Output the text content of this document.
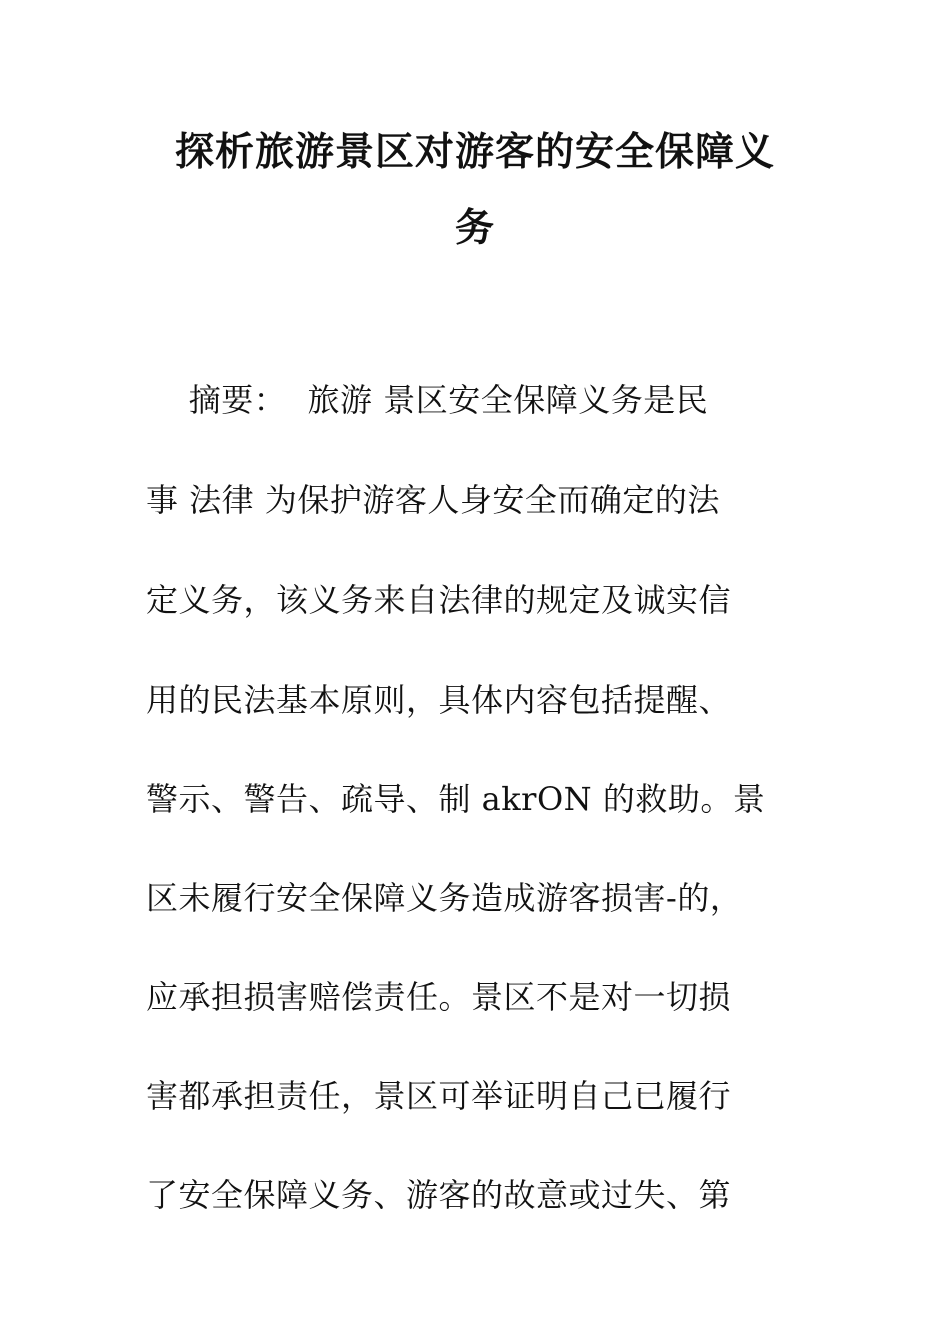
探析旅游景区对游客的安全保障义
务
摘要：  旅游 景区安全保障义务是民
事 法律 为保护游客人身安全而确定的法
定义务，该义务来自法律的规定及诚实信
用的民法基本原则，具体内容包括提醒、
警示、警告、疏导、制 akrON 的救助。景
区未履行安全保障义务造成游客损害-的，
应承担损害赔偿责任。景区不是对一切损
害都承担责任，景区可举证明自己已履行
了安全保障义务、游客的故意或过失、第
